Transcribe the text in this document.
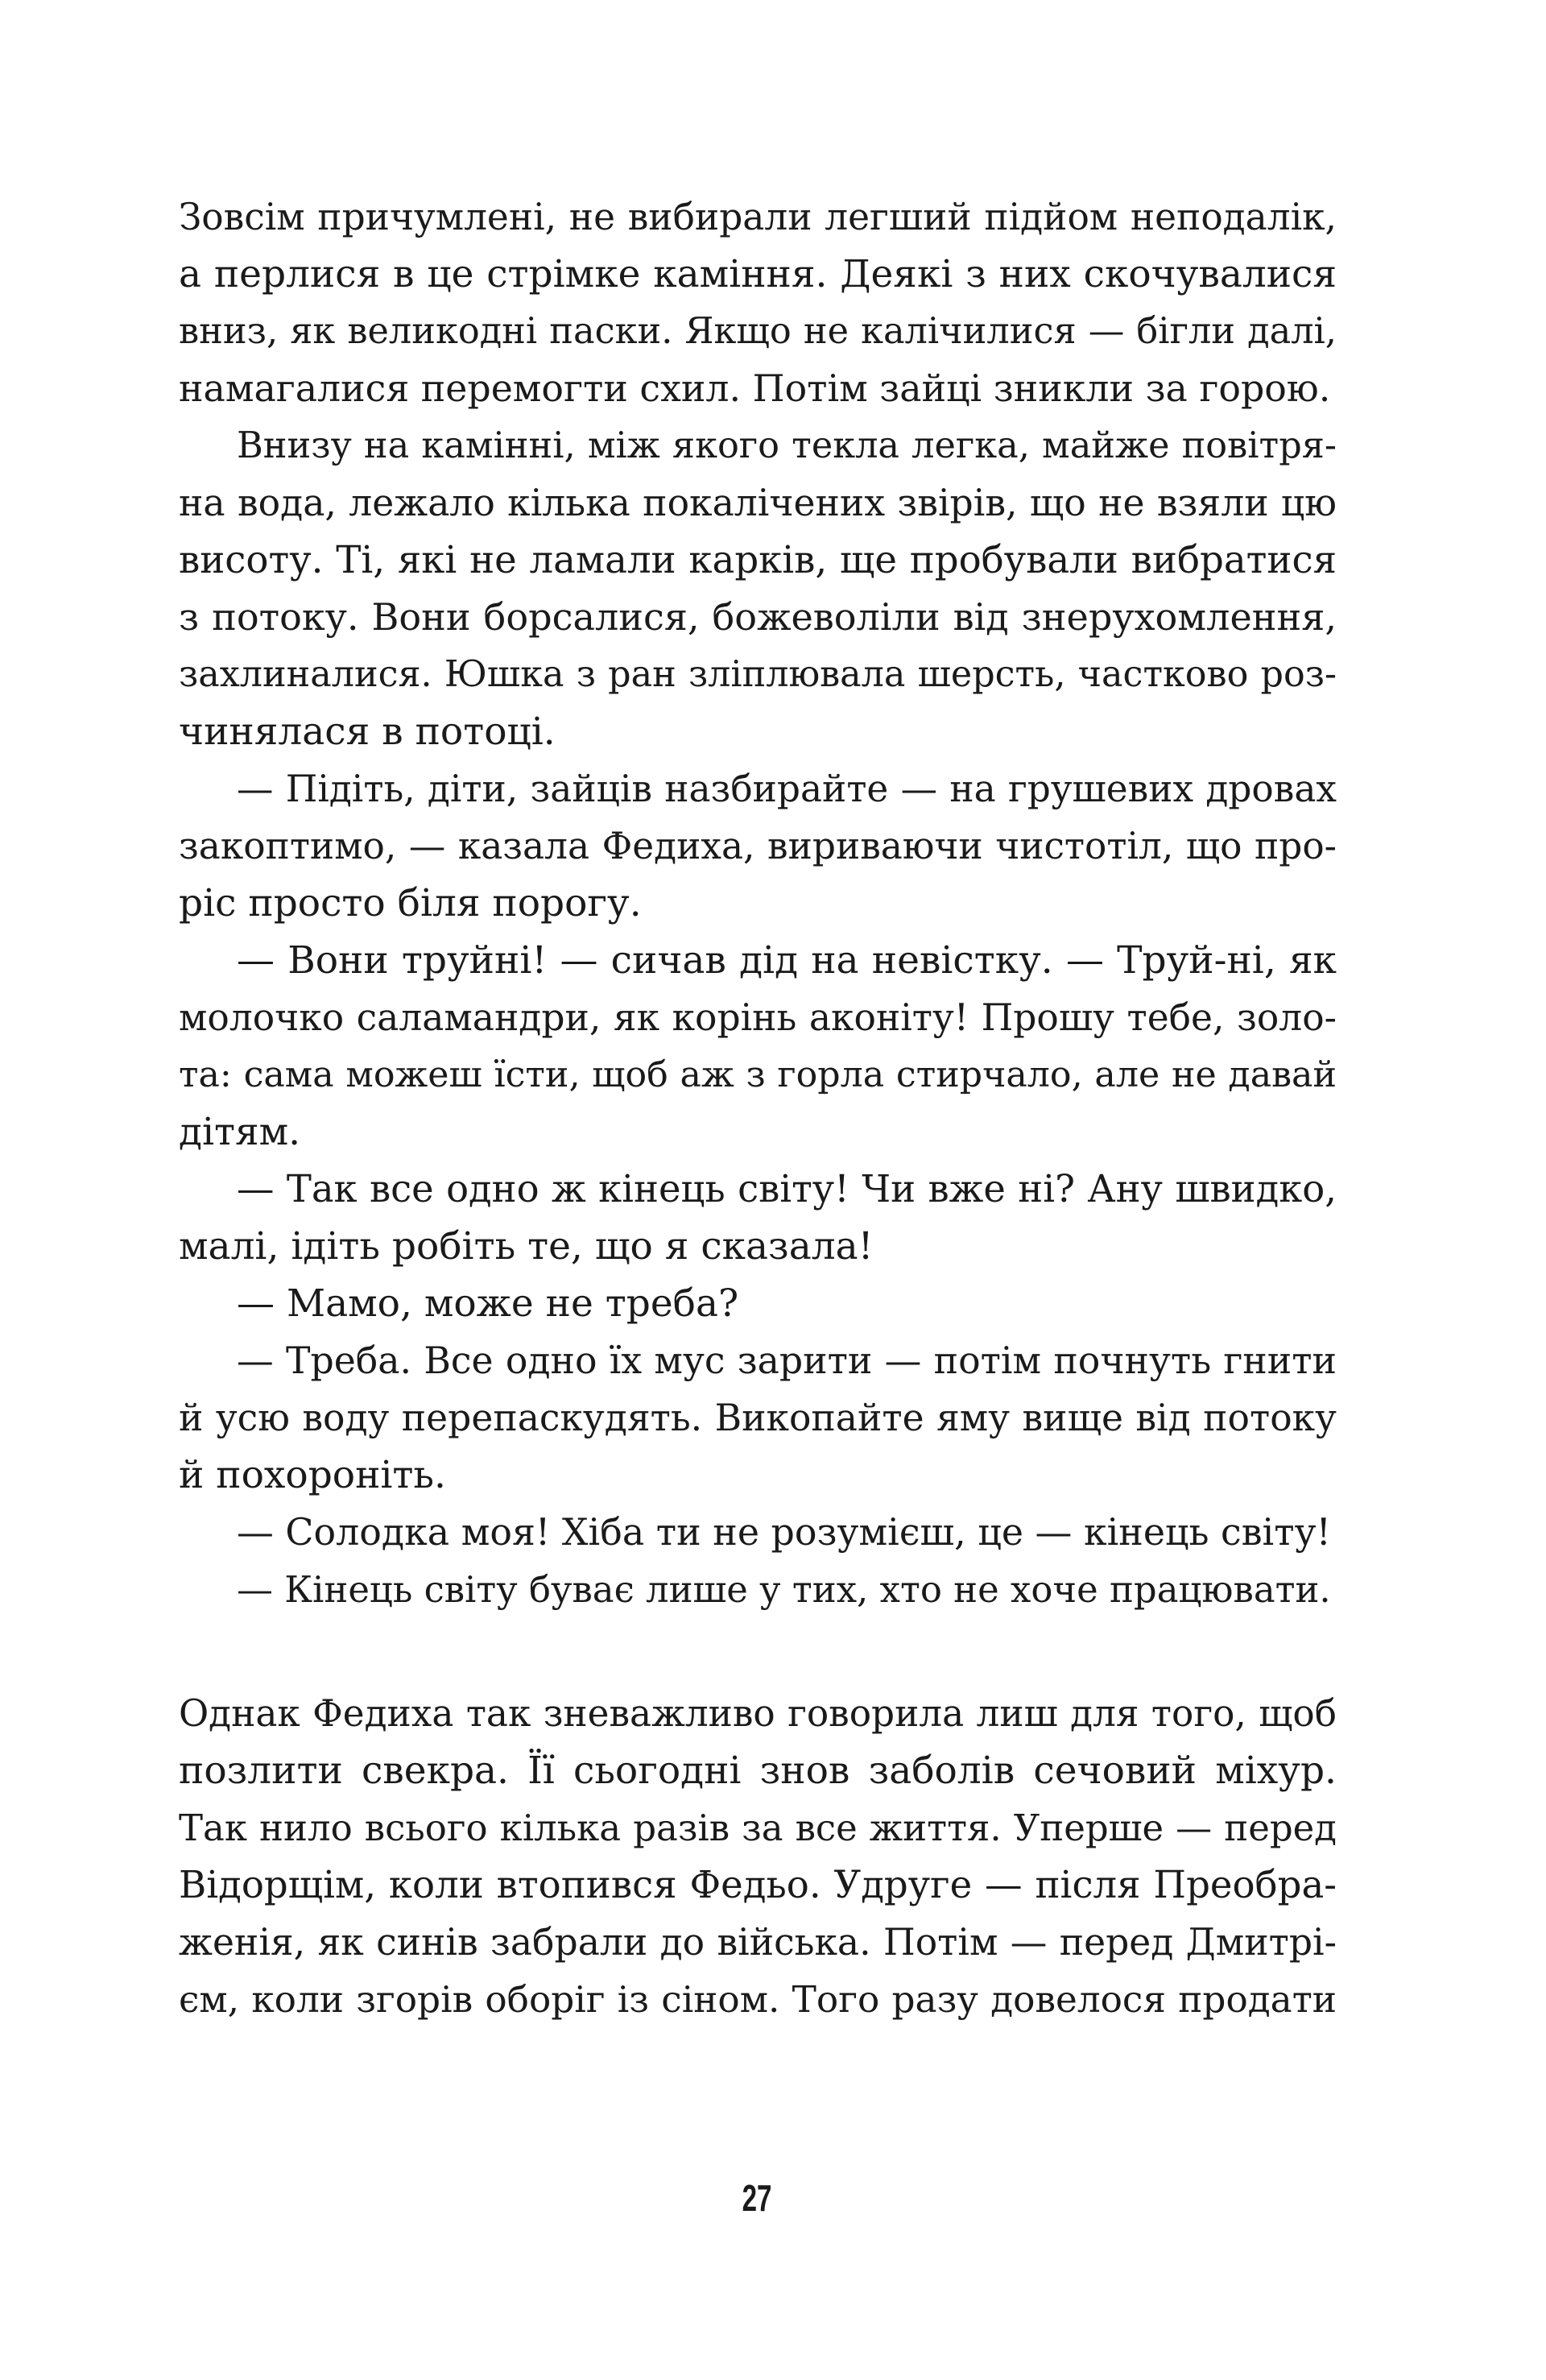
Зовсім причумлені, не вибирали легший підйом неподалік,
а перлися в це стрімке каміння. Деякі з них скочувалися
вниз, як великодні паски. Якщо не калічилися — бігли далі,
намагалися перемогти схил. Потім зайці зникли за горою.
Внизу на камінні, між якого текла легка, майже повітря-
на вода, лежало кілька покалічених звірів, що не взяли цю
висоту. Ті, які не ламали карків, ще пробували вибратися
з потоку. Вони борсалися, божеволіли від знерухомлення,
захлиналися. Юшка з ран зліплювала шерсть, частково роз-
чинялася в потоці.
— Підіть, діти, зайців назбирайте — на грушевих дровах
закоптимо, — казала Федиха, вириваючи чистотіл, що про-
ріс просто біля порогу.
— Вони труйні! — сичав дід на невістку. — Труй-ні, як
молочко саламандри, як корінь аконіту! Прошу тебе, золо-
та: сама можеш їсти, щоб аж з горла стирчало, але не давай
дітям.
— Так все одно ж кінець світу! Чи вже ні? Ану швидко,
малі, ідіть робіть те, що я сказала!
— Мамо, може не треба?
— Треба. Все одно їх мус зарити — потім почнуть гнити
й усю воду перепаскудять. Викопайте яму вище від потоку
й похороніть.
— Солодка моя! Хіба ти не розумієш, це — кінець світу!
— Кінець світу буває лише у тих, хто не хоче працювати.
Однак Федиха так зневажливо говорила лиш для того, щоб
позлити свекра. Її сьогодні знов заболів сечовий міхур.
Так нило всього кілька разів за все життя. Уперше — перед
Відорщім, коли втопився Федьо. Удруге — після Преобра-
женія, як синів забрали до війська. Потім — перед Дмитрі-
єм, коли згорів оборіг із сіном. Того разу довелося продати
27
